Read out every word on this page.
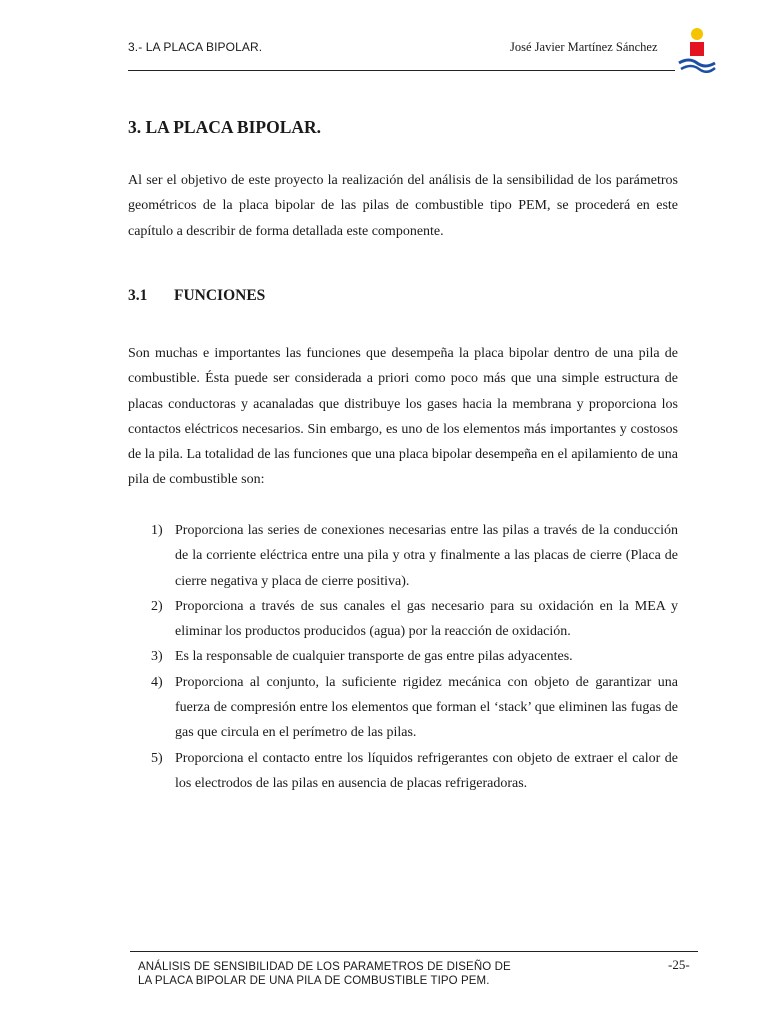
3.- LA PLACA BIPOLAR.	José Javier Martínez Sánchez
3. LA PLACA BIPOLAR.

Al ser el objetivo de este proyecto la realización del análisis de la sensibilidad de los parámetros geométricos de la placa bipolar de las pilas de combustible tipo PEM, se procederá en este capítulo a describir de forma detallada este componente.

3.1 FUNCIONES

Son muchas e importantes las funciones que desempeña la placa bipolar dentro de una pila de combustible. Ésta puede ser considerada a priori como poco más que una simple estructura de placas conductoras y acanaladas que distribuye los gases hacia la membrana y proporciona los contactos eléctricos necesarios. Sin embargo, es uno de los elementos más importantes y costosos de la pila. La totalidad de las funciones que una placa bipolar desempeña en el apilamiento de una pila de combustible son:

1) Proporciona las series de conexiones necesarias entre las pilas a través de la conducción de la corriente eléctrica entre una pila y otra y finalmente a las placas de cierre (Placa de cierre negativa y placa de cierre positiva).
2) Proporciona a través de sus canales el gas necesario para su oxidación en la MEA y eliminar los productos producidos (agua) por la reacción de oxidación.
3) Es la responsable de cualquier transporte de gas entre pilas adyacentes.
4) Proporciona al conjunto, la suficiente rigidez mecánica con objeto de garantizar una fuerza de compresión entre los elementos que forman el ‘stack’ que eliminen las fugas de gas que circula en el perímetro de las pilas.
5) Proporciona el contacto entre los líquidos refrigerantes con objeto de extraer el calor de los electrodos de las pilas en ausencia de placas refrigeradoras.
ANÁLISIS DE SENSIBILIDAD DE LOS PARAMETROS DE DISEÑO DE
LA PLACA BIPOLAR DE UNA PILA DE COMBUSTIBLE TIPO PEM.
-25-
